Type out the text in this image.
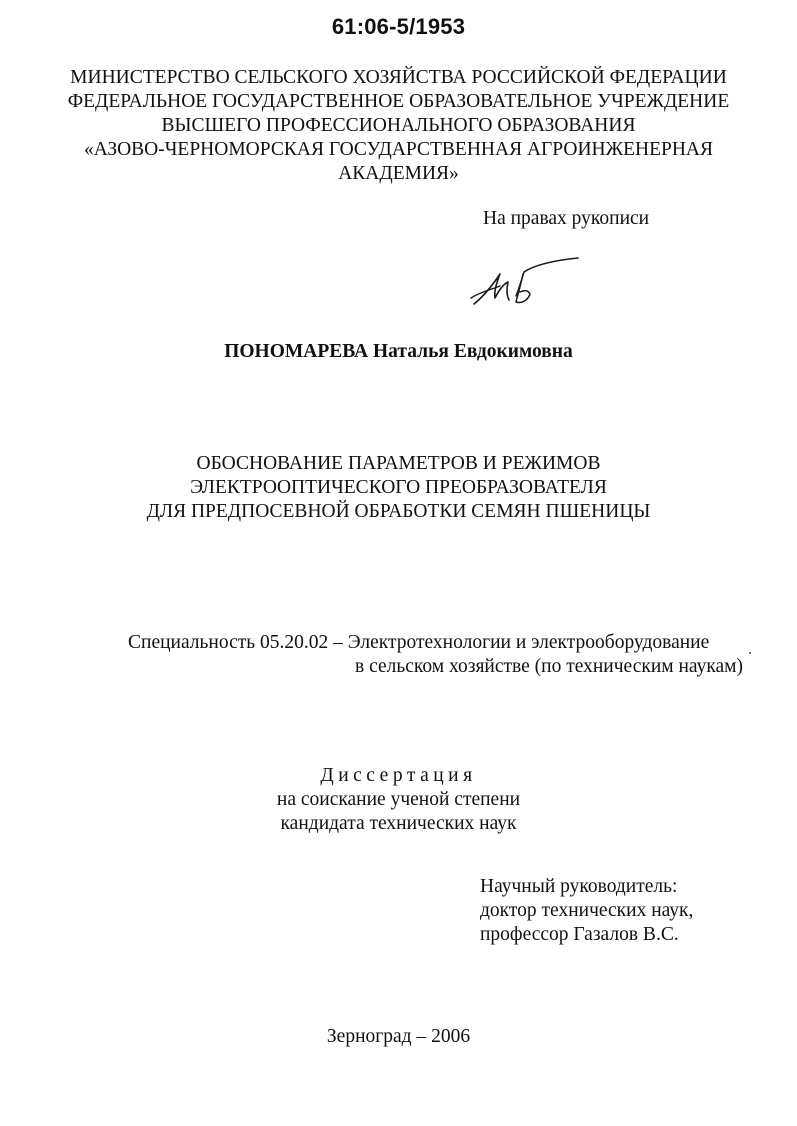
61:06-5/1953
МИНИСТЕРСТВО СЕЛЬСКОГО ХОЗЯЙСТВА РОССИЙСКОЙ ФЕДЕРАЦИИ
ФЕДЕРАЛЬНОЕ ГОСУДАРСТВЕННОЕ ОБРАЗОВАТЕЛЬНОЕ УЧРЕЖДЕНИЕ
ВЫСШЕГО ПРОФЕССИОНАЛЬНОГО ОБРАЗОВАНИЯ
«АЗОВО-ЧЕРНОМОРСКАЯ ГОСУДАРСТВЕННАЯ АГРОИНЖЕНЕРНАЯ
АКАДЕМИЯ»
На правах рукописи
ПОНОМАРЕВА Наталья Евдокимовна
ОБОСНОВАНИЕ ПАРАМЕТРОВ И РЕЖИМОВ
ЭЛЕКТРООПТИЧЕСКОГО ПРЕОБРАЗОВАТЕЛЯ
ДЛЯ ПРЕДПОСЕВНОЙ ОБРАБОТКИ СЕМЯН ПШЕНИЦЫ
Специальность 05.20.02 – Электротехнологии и электрооборудование
в сельском хозяйстве (по техническим наукам)
Диссертация
на соискание ученой степени
кандидата технических наук
Научный руководитель:
доктор технических наук,
профессор Газалов В.С.
Зерноград – 2006
